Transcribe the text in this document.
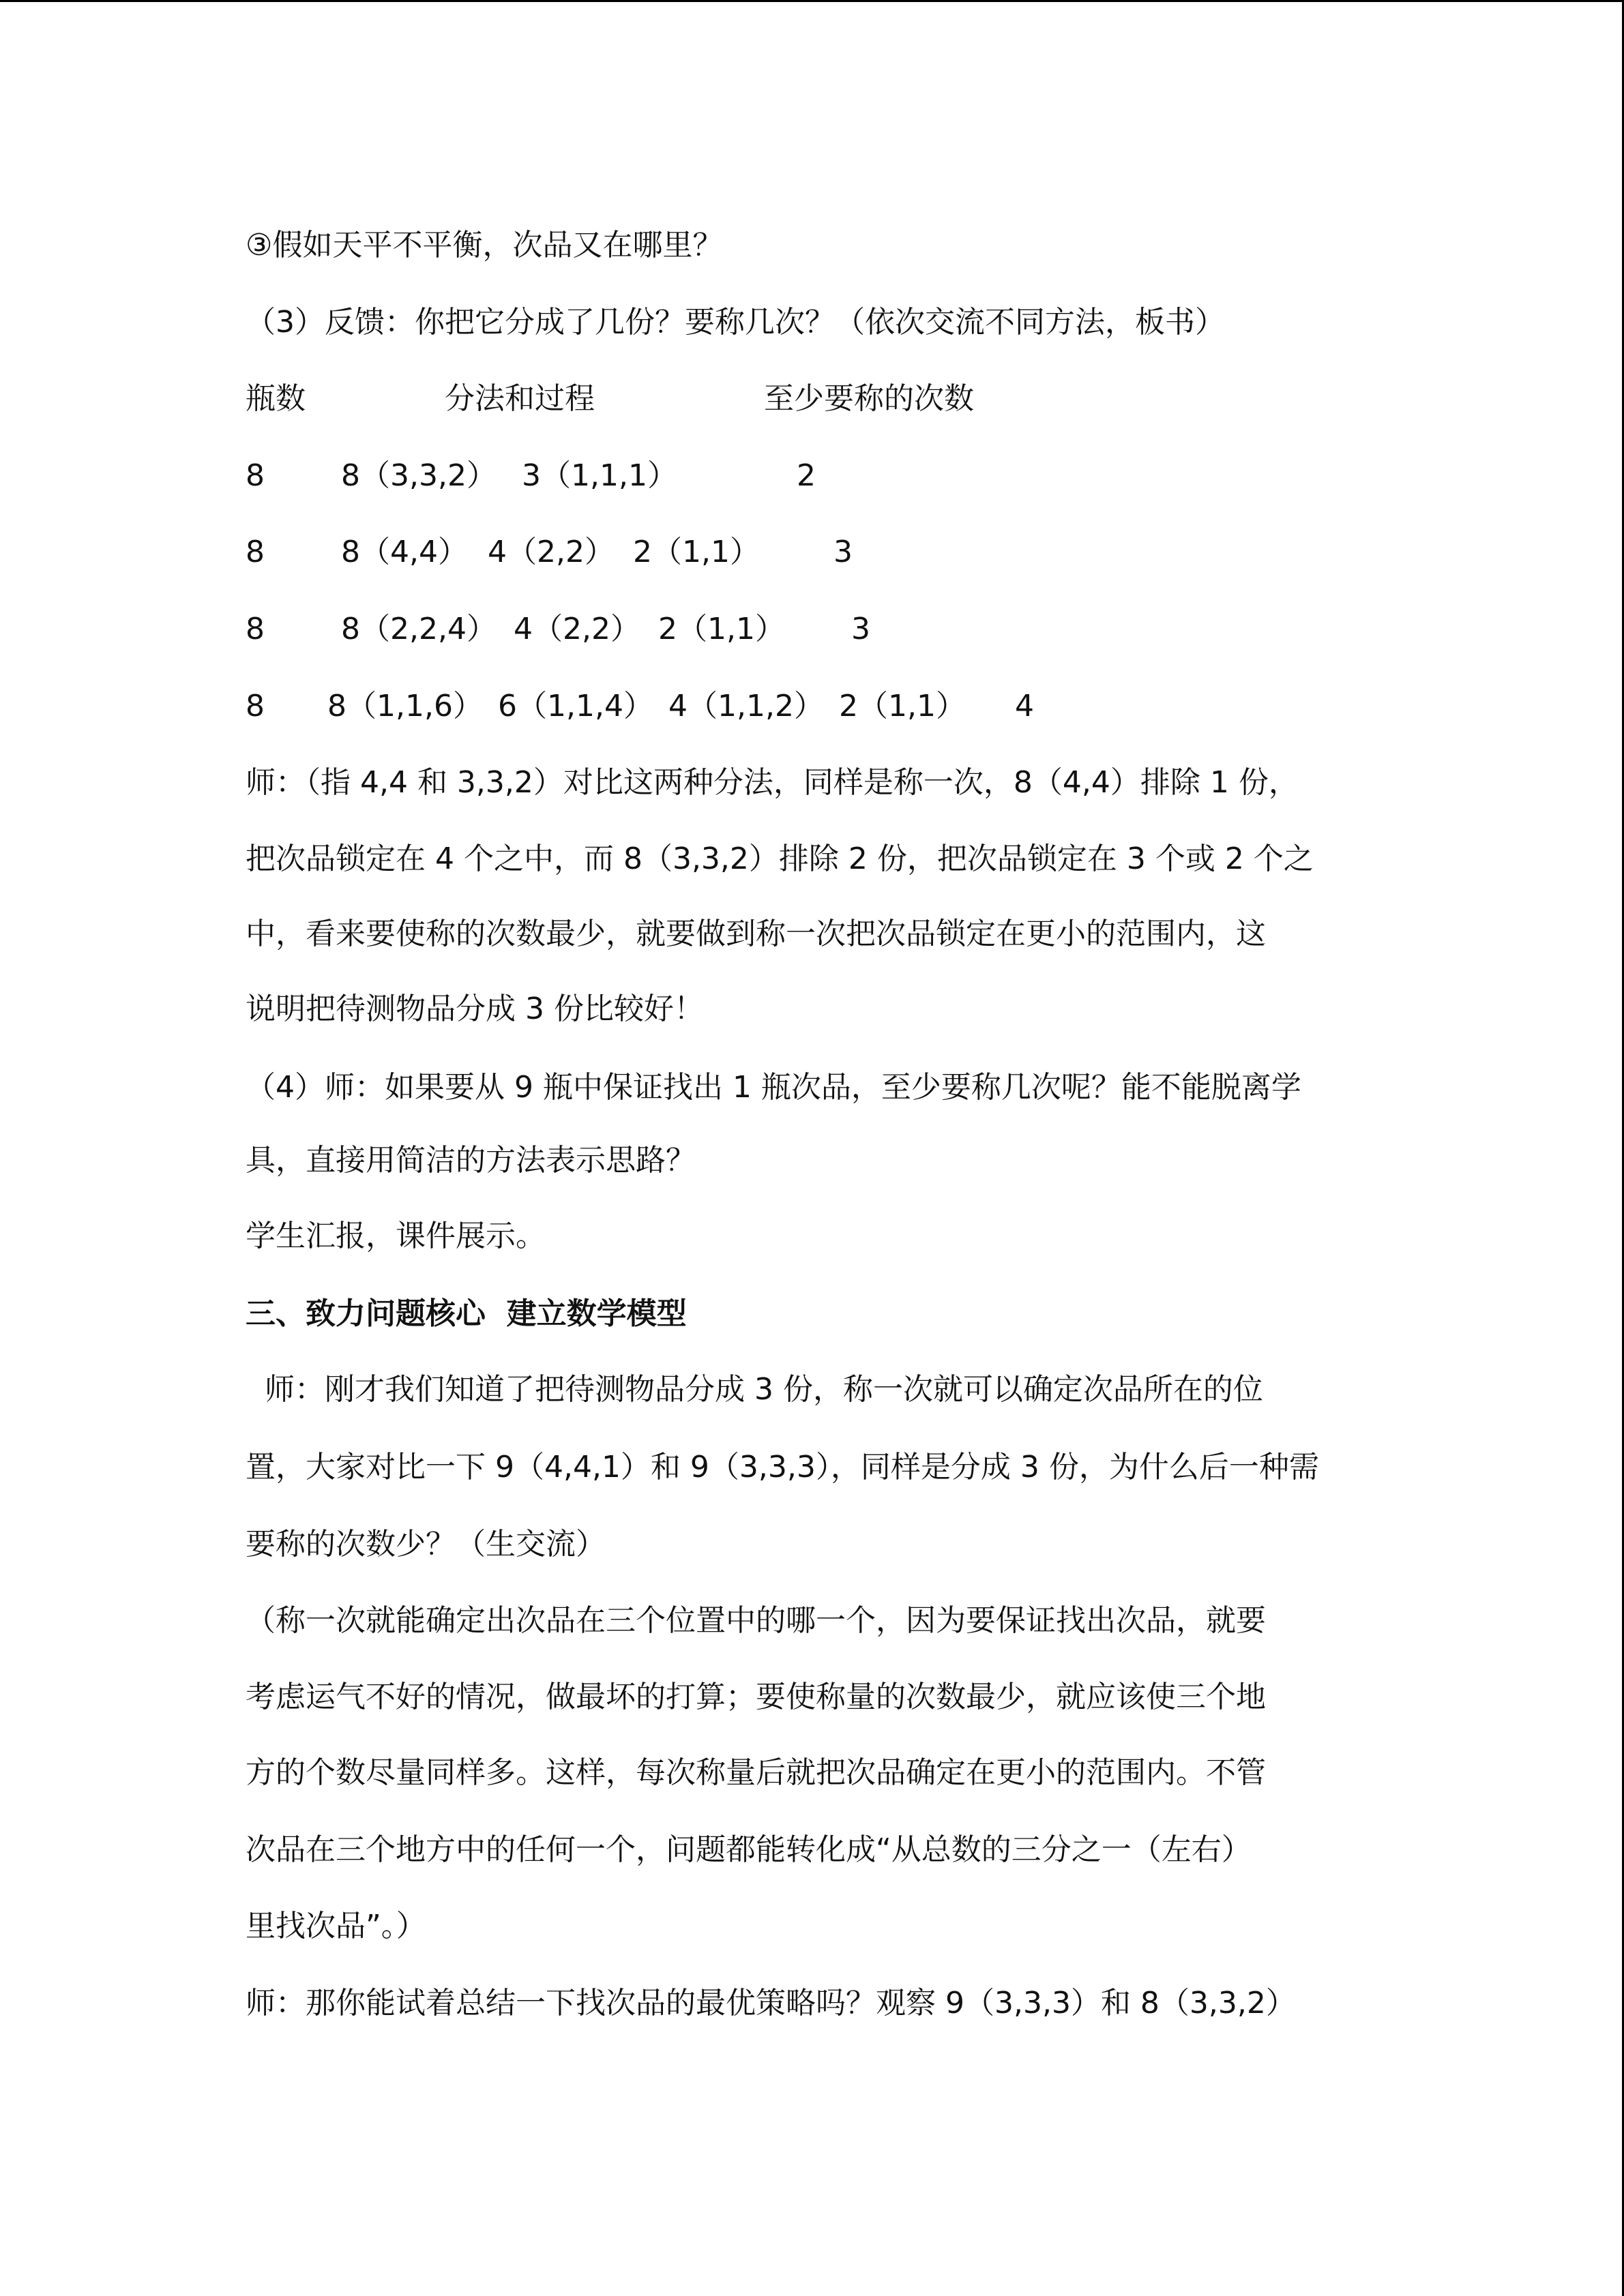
③假如天平不平衡，次品又在哪里？
（3）反馈：你把它分成了几份？要称几次？（依次交流不同方法，板书）
瓶数	分法和过程	至少要称的次数
8	8（3,3,2） 3（1,1,1）	2
8	8（4,4） 4（2,2） 2（1,1） 3
8	8（2,2,4） 4（2,2） 2（1,1） 3
8 8（1,1,6） 6（1,1,4） 4（1,1,2） 2（1,1） 4
师：（指 4,4 和 3,3,2）对比这两种分法，同样是称一次，8（4,4）排除 1 份，
把次品锁定在 4 个之中，而 8（3,3,2）排除 2 份，把次品锁定在 3 个或 2 个之
中，看来要使称的次数最少，就要做到称一次把次品锁定在更小的范围内，这
说明把待测物品分成 3 份比较好！
（4）师：如果要从 9 瓶中保证找出 1 瓶次品，至少要称几次呢？能不能脱离学
具，直接用简洁的方法表示思路？
学生汇报，课件展示。
三、致力问题核心  建立数学模型
师：刚才我们知道了把待测物品分成 3 份，称一次就可以确定次品所在的位
置，大家对比一下 9（4,4,1）和 9（3,3,3），同样是分成 3 份，为什么后一种需
要称的次数少？（生交流）
（称一次就能确定出次品在三个位置中的哪一个，因为要保证找出次品，就要
考虑运气不好的情况，做最坏的打算；要使称量的次数最少，就应该使三个地
方的个数尽量同样多。这样，每次称量后就把次品确定在更小的范围内。不管
次品在三个地方中的任何一个，问题都能转化成“从总数的三分之一（左右）
里找次品”。）
师：那你能试着总结一下找次品的最优策略吗？观察 9（3,3,3）和 8（3,3,2）
